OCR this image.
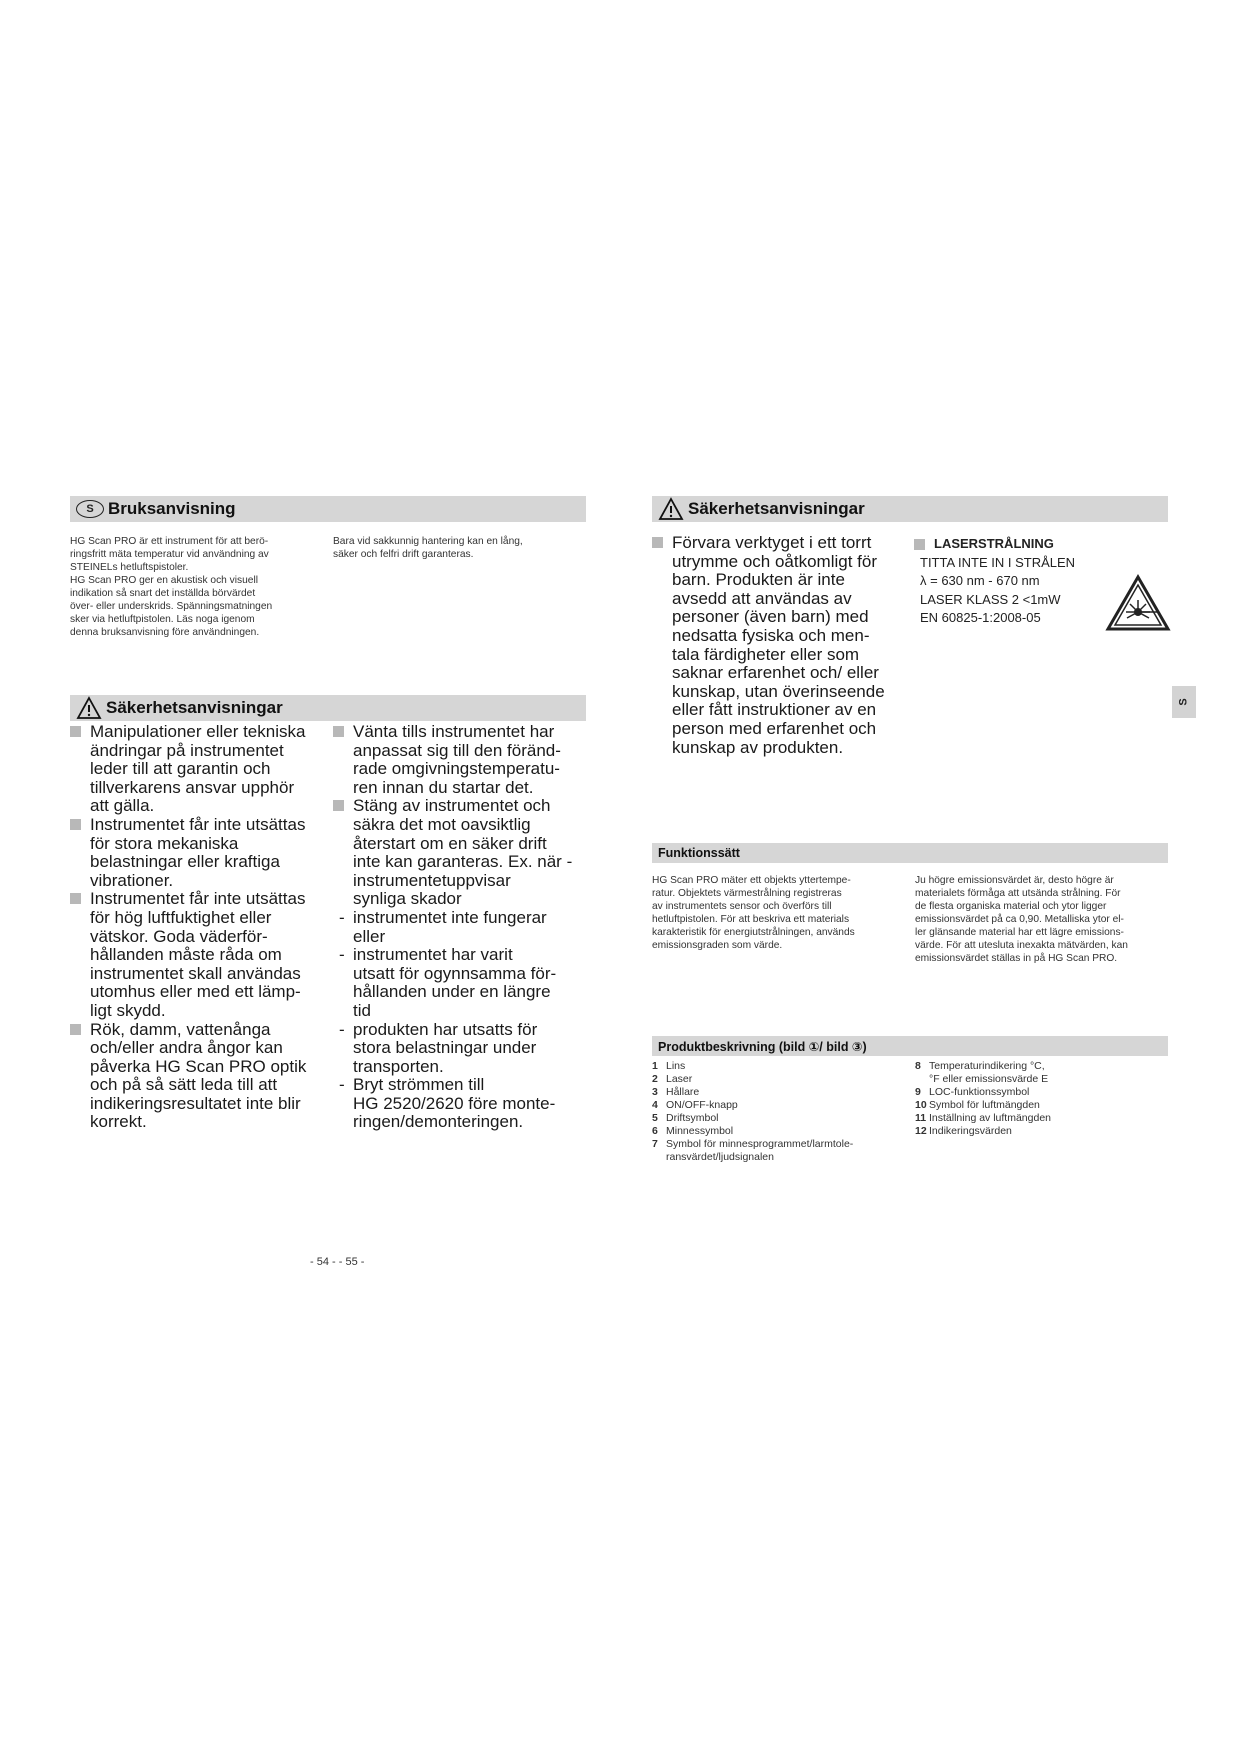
S Bruksanvisning
HG Scan PRO är ett instrument för att berö-
ringsfritt mäta temperatur vid användning av
STEINELs hetluftspistoler.
HG Scan PRO ger en akustisk och visuell
indikation så snart det inställda börvärdet
över- eller underskrids. Spänningsmatningen
sker via hetluftpistolen. Läs noga igenom
denna bruksanvisning före användningen.
Bara vid sakkunnig hantering kan en lång,
säker och felfri drift garanteras.
Säkerhetsanvisningar
Manipulationer eller tekniska
ändringar på instrumentet
leder till att garantin och
tillverkarens ansvar upphör
att gälla.
Instrumentet får inte utsättas
för stora mekaniska
belastningar eller kraftiga
vibrationer.
Instrumentet får inte utsättas
för hög luftfuktighet eller
vätskor. Goda väderför-
hållanden måste råda om
instrumentet skall användas
utomhus eller med ett lämp-
ligt skydd.
Rök, damm, vattenånga
och/eller andra ångor kan
påverka HG Scan PRO optik
och på så sätt leda till att
indikeringsresultatet inte blir
korrekt.
Vänta tills instrumentet har
anpassat sig till den föränd-
rade omgivningstemperatu-
ren innan du startar det.
Stäng av instrumentet och
säkra det mot oavsiktlig
återstart om en säker drift
inte kan garanteras. Ex. när -
instrumentetuppvisar
synliga skador
- instrumentet inte fungerar
eller
- instrumentet har varit
utsatt för ogynnsamma för-
hållanden under en längre
tid
- produkten har utsatts för
stora belastningar under
transporten.
- Bryt strömmen till
HG 2520/2620 före monte-
ringen/demonteringen.
- 54 - - 55 -
Säkerhetsanvisningar
Förvara verktyget i ett torrt
utrymme och oåtkomligt för
barn. Produkten är inte
avsedd att användas av
personer (även barn) med
nedsatta fysiska och men-
tala färdigheter eller som
saknar erfarenhet och/ eller
kunskap, utan överinseende
eller fått instruktioner av en
person med erfarenhet och
kunskap av produkten.
LASERSTRÅLNING
TITTA INTE IN I STRÅLEN
λ = 630 nm - 670 nm
LASER KLASS 2 <1mW
EN 60825-1:2008-05
S
Funktionssätt
HG Scan PRO mäter ett objekts yttertempe-
ratur. Objektets värmestrålning registreras
av instrumentets sensor och överförs till
hetluftpistolen. För att beskriva ett materials
karakteristik för energiutstrålningen, används
emissionsgraden som värde.
Ju högre emissionsvärdet är, desto högre är
materialets förmåga att utsända strålning. För
de flesta organiska material och ytor ligger
emissionsvärdet på ca 0,90. Metalliska ytor el-
ler glänsande material har ett lägre emissions-
värde. För att utesluta inexakta mätvärden, kan
emissionsvärdet ställas in på HG Scan PRO.
Produktbeskrivning (bild ①/ bild ③)
1 Lins
2 Laser
3 Hållare
4 ON/OFF-knapp
5 Driftsymbol
6 Minnessymbol
7 Symbol för minnesprogrammet/larmtole-
ransvärdet/ljudsignalen
8 Temperaturindikering °C,
°F eller emissionsvärde E
9 LOC-funktionssymbol
10 Symbol för luftmängden
11 Inställning av luftmängden
12 Indikeringsvärden
